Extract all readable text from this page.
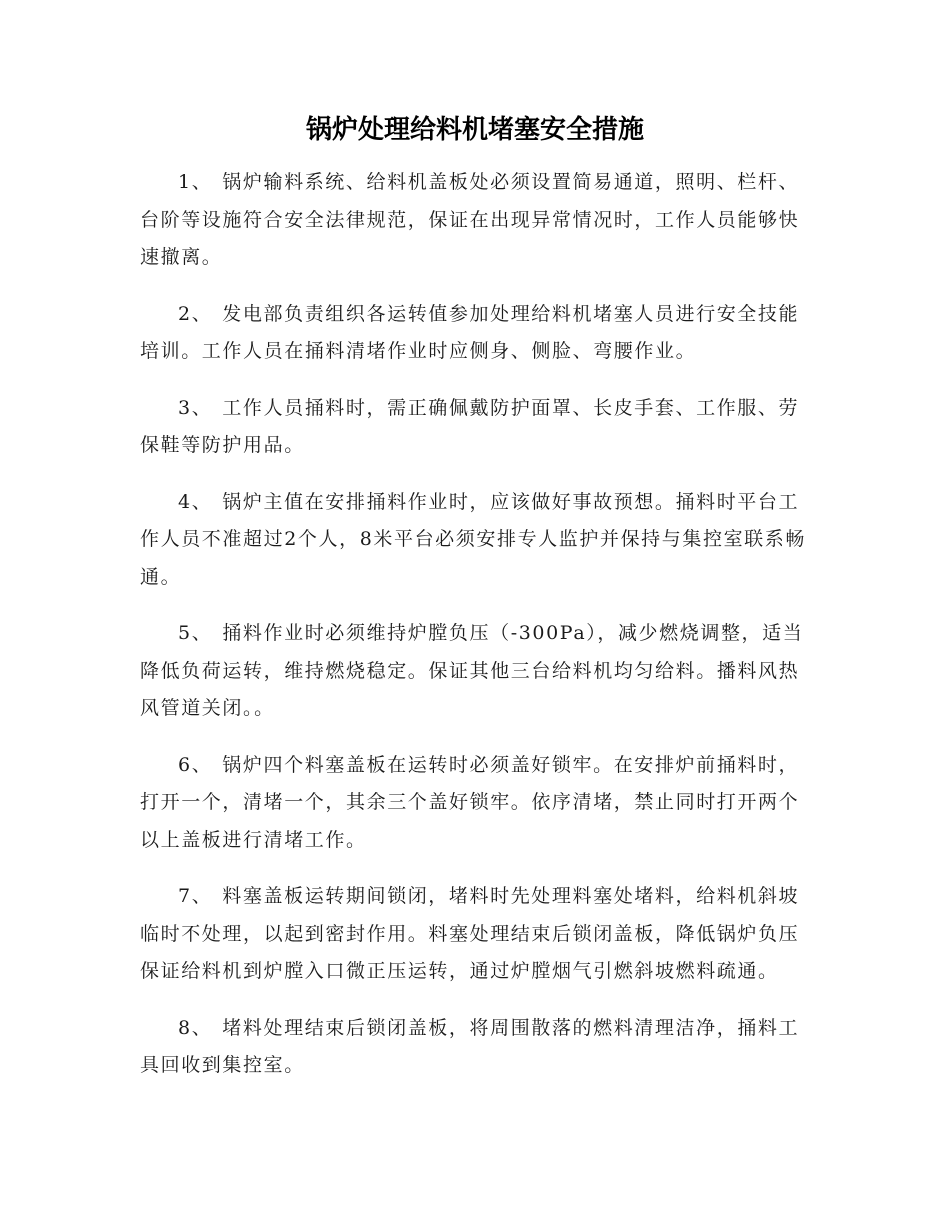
锅炉处理给料机堵塞安全措施

1、 锅炉输料系统、给料机盖板处必须设置简易通道，照明、栏杆、台阶等设施符合安全法律规范，保证在出现异常情况时，工作人员能够快速撤离。

2、 发电部负责组织各运转值参加处理给料机堵塞人员进行安全技能培训。工作人员在捅料清堵作业时应侧身、侧脸、弯腰作业。

3、 工作人员捅料时，需正确佩戴防护面罩、长皮手套、工作服、劳保鞋等防护用品。

4、 锅炉主值在安排捅料作业时，应该做好事故预想。捅料时平台工作人员不准超过2个人，8米平台必须安排专人监护并保持与集控室联系畅通。

5、 捅料作业时必须维持炉膛负压（-300Pa），减少燃烧调整，适当降低负荷运转，维持燃烧稳定。保证其他三台给料机均匀给料。播料风热风管道关闭。。

6、 锅炉四个料塞盖板在运转时必须盖好锁牢。在安排炉前捅料时，打开一个，清堵一个，其余三个盖好锁牢。依序清堵，禁止同时打开两个以上盖板进行清堵工作。

7、 料塞盖板运转期间锁闭，堵料时先处理料塞处堵料，给料机斜坡临时不处理，以起到密封作用。料塞处理结束后锁闭盖板，降低锅炉负压保证给料机到炉膛入口微正压运转，通过炉膛烟气引燃斜坡燃料疏通。

8、 堵料处理结束后锁闭盖板，将周围散落的燃料清理洁净，捅料工具回收到集控室。
